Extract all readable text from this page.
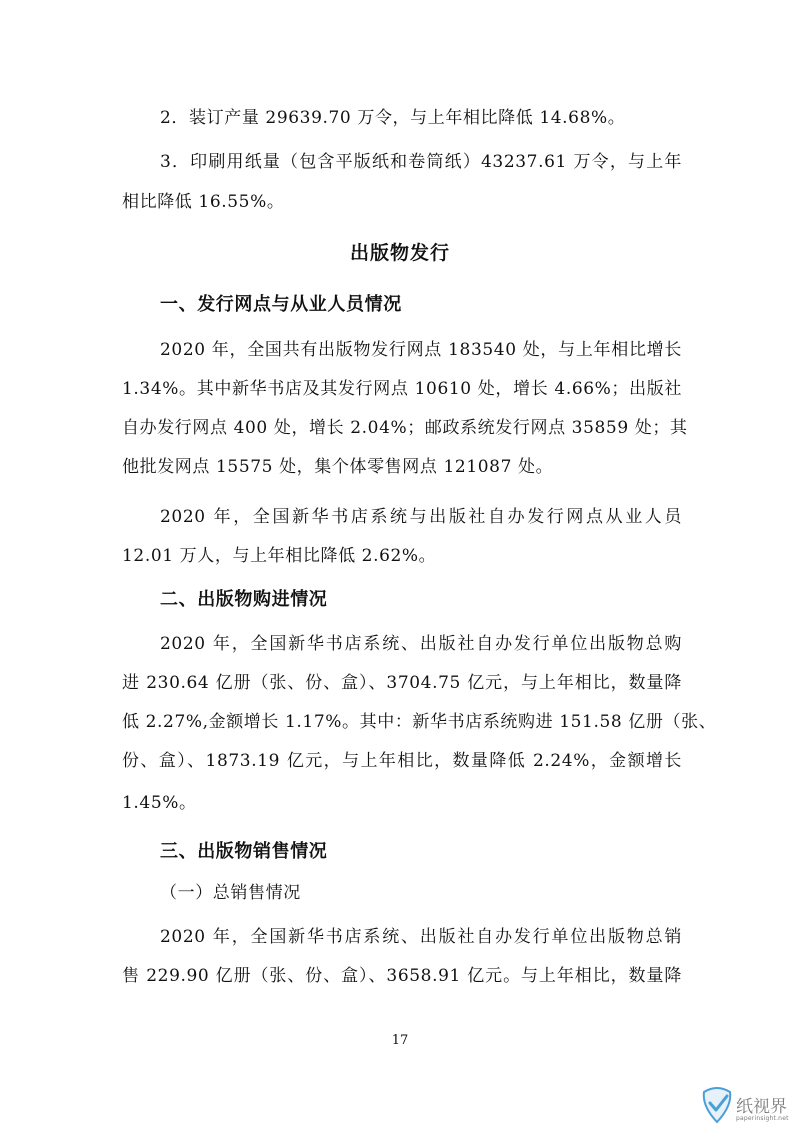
2．装订产量 29639.70 万令，与上年相比降低 14.68%。
3．印刷用纸量（包含平版纸和卷筒纸）43237.61 万令，与上年
相比降低 16.55%。
出版物发行
一、发行网点与从业人员情况
2020 年，全国共有出版物发行网点 183540 处，与上年相比增长
1.34%。其中新华书店及其发行网点 10610 处，增长 4.66%；出版社
自办发行网点 400 处，增长 2.04%；邮政系统发行网点 35859 处；其
他批发网点 15575 处，集个体零售网点 121087 处。
2020 年，全国新华书店系统与出版社自办发行网点从业人员
12.01 万人，与上年相比降低 2.62%。
二、出版物购进情况
2020 年，全国新华书店系统、出版社自办发行单位出版物总购
进 230.64 亿册（张、份、盒）、3704.75 亿元，与上年相比，数量降
低 2.27%,金额增长 1.17%。其中：新华书店系统购进 151.58 亿册（张、
份、盒）、1873.19 亿元，与上年相比，数量降低 2.24%，金额增长
1.45%。
三、出版物销售情况
（一）总销售情况
2020 年，全国新华书店系统、出版社自办发行单位出版物总销
售 229.90 亿册（张、份、盒）、3658.91 亿元。与上年相比，数量降
17
纸视界
paperinsight.net
